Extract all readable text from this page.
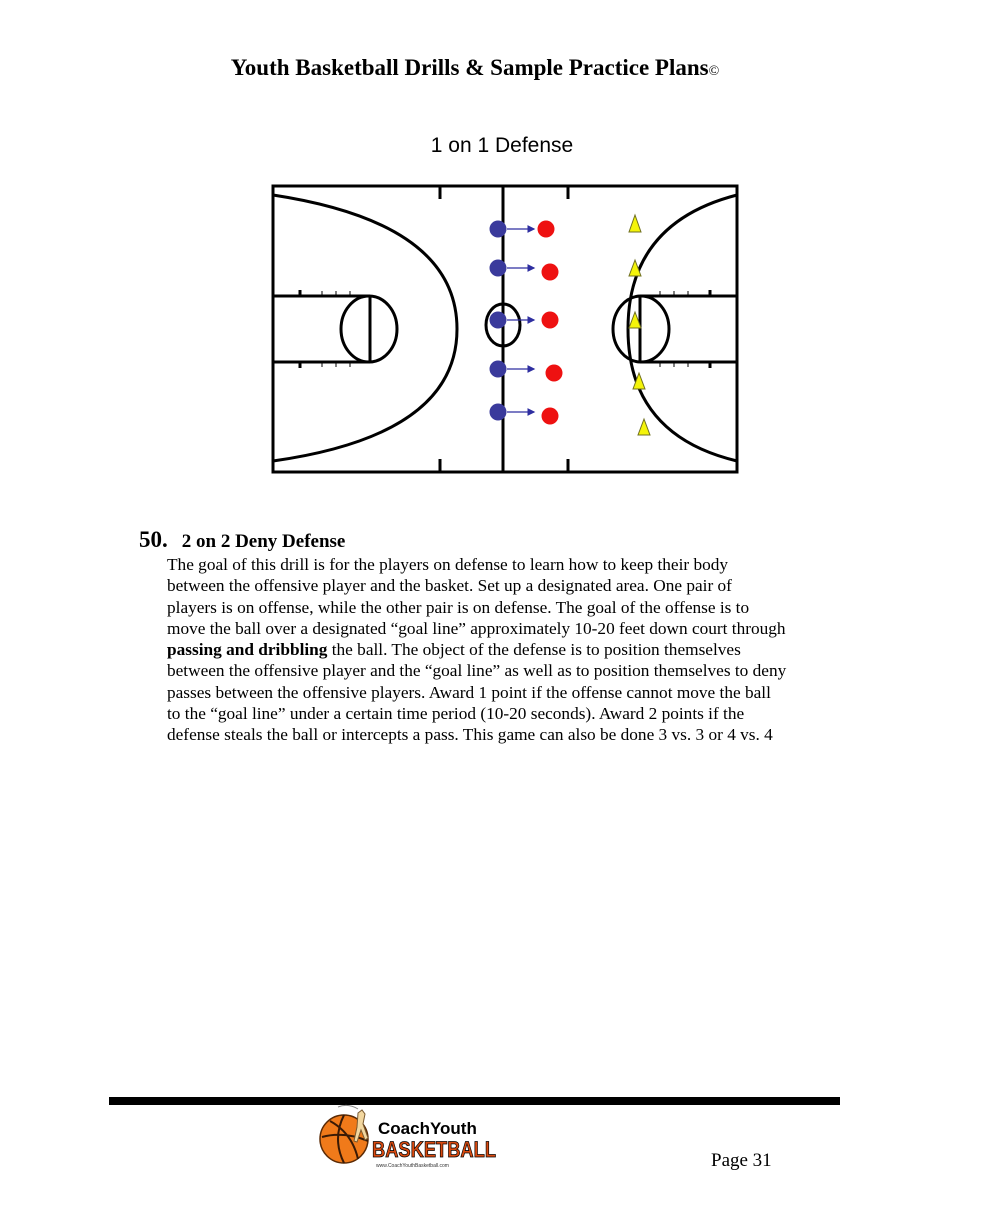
Youth Basketball Drills & Sample Practice Plans©
1 on 1 Defense
50. 2 on 2 Deny Defense
The goal of this drill is for the players on defense to learn how to keep their body
between the offensive player and the basket. Set up a designated area. One pair of
players is on offense, while the other pair is on defense. The goal of the offense is to
move the ball over a designated “goal line” approximately 10-20 feet down court through
passing and dribbling the ball. The object of the defense is to position themselves
between the offensive player and the “goal line” as well as to position themselves to deny
passes between the offensive players. Award 1 point if the offense cannot move the ball
to the “goal line” under a certain time period (10-20 seconds). Award 2 points if the
defense steals the ball or intercepts a pass. This game can also be done 3 vs. 3 or 4 vs. 4
CoachYouth
BASKETBALL
www.CoachYouthBasketball.com	Page 31
